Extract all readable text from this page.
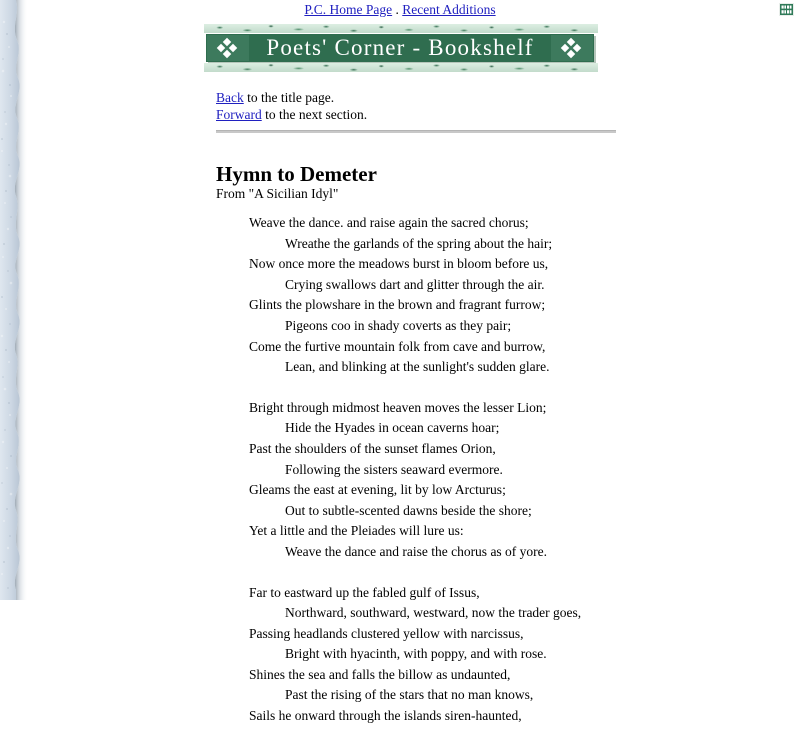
P.C. Home Page . Recent Additions
Poets' Corner - Bookshelf
Back to the title page.
Forward to the next section.
Hymn to Demeter
From "A Sicilian Idyl"
Weave the dance. and raise again the sacred chorus;
Wreathe the garlands of the spring about the hair;
Now once more the meadows burst in bloom before us,
Crying swallows dart and glitter through the air.
Glints the plowshare in the brown and fragrant furrow;
Pigeons coo in shady coverts as they pair;
Come the furtive mountain folk from cave and burrow,
Lean, and blinking at the sunlight's sudden glare.
Bright through midmost heaven moves the lesser Lion;
Hide the Hyades in ocean caverns hoar;
Past the shoulders of the sunset flames Orion,
Following the sisters seaward evermore.
Gleams the east at evening, lit by low Arcturus;
Out to subtle-scented dawns beside the shore;
Yet a little and the Pleiades will lure us:
Weave the dance and raise the chorus as of yore.
Far to eastward up the fabled gulf of Issus,
Northward, southward, westward, now the trader goes,
Passing headlands clustered yellow with narcissus,
Bright with hyacinth, with poppy, and with rose.
Shines the sea and falls the billow as undaunted,
Past the rising of the stars that no man knows,
Sails he onward through the islands siren-haunted,
